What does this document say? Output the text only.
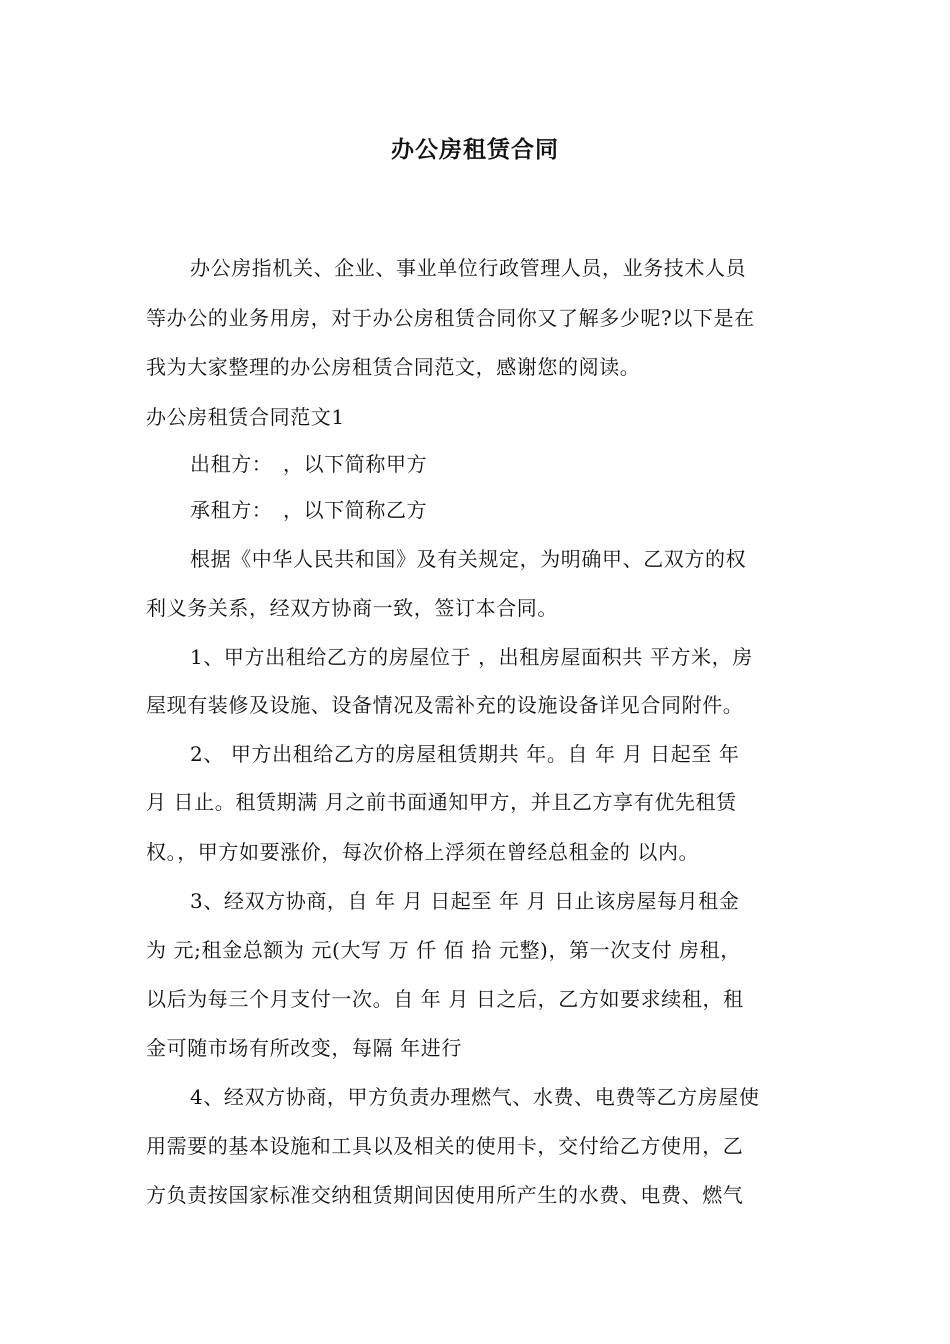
办公房租赁合同
办公房指机关、企业、事业单位行政管理人员，业务技术人员
等办公的业务用房，对于办公房租赁合同你又了解多少呢?以下是在
我为大家整理的办公房租赁合同范文，感谢您的阅读。
办公房租赁合同范文1
出租方：　，以下简称甲方
承租方：　，以下简称乙方
根据《中华人民共和国》及有关规定，为明确甲、乙双方的权
利义务关系，经双方协商一致，签订本合同。
1、甲方出租给乙方的房屋位于 ，出租房屋面积共 平方米，房
屋现有装修及设施、设备情况及需补充的设施设备详见合同附件。
2、 甲方出租给乙方的房屋租赁期共 年。自 年 月 日起至 年
月 日止。租赁期满 月之前书面通知甲方，并且乙方享有优先租赁
权。，甲方如要涨价，每次价格上浮须在曾经总租金的 以内。
3、经双方协商，自 年 月 日起至 年 月 日止该房屋每月租金
为 元;租金总额为 元(大写 万 仟 佰 拾 元整)，第一次支付 房租，
以后为每三个月支付一次。自 年 月 日之后，乙方如要求续租，租
金可随市场有所改变，每隔 年进行
4、经双方协商，甲方负责办理燃气、水费、电费等乙方房屋使
用需要的基本设施和工具以及相关的使用卡，交付给乙方使用，乙
方负责按国家标准交纳租赁期间因使用所产生的水费、电费、燃气
